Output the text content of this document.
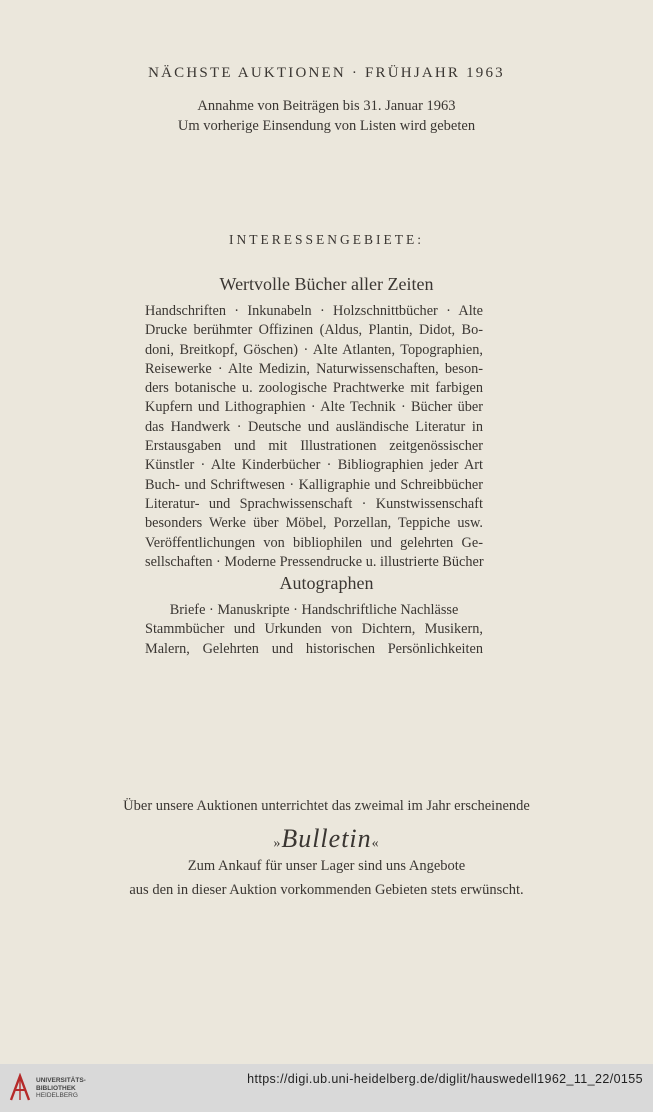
NÄCHSTE AUKTIONEN · FRÜHJAHR 1963
Annahme von Beiträgen bis 31. Januar 1963
Um vorherige Einsendung von Listen wird gebeten
INTERESSENGEBIETE:
Wertvolle Bücher aller Zeiten
Handschriften · Inkunabeln · Holzschnittbücher · Alte
Drucke berühmter Offizinen (Aldus, Plantin, Didot, Bo-
doni, Breitkopf, Göschen) · Alte Atlanten, Topographien,
Reisewerke · Alte Medizin, Naturwissenschaften, beson-
ders botanische u. zoologische Prachtwerke mit farbigen
Kupfern und Lithographien · Alte Technik · Bücher über
das Handwerk · Deutsche und ausländische Literatur in
Erstausgaben und mit Illustrationen zeitgenössischer
Künstler · Alte Kinderbücher · Bibliographien jeder Art
Buch- und Schriftwesen · Kalligraphie und Schreibbücher
Literatur- und Sprachwissenschaft · Kunstwissenschaft
besonders Werke über Möbel, Porzellan, Teppiche usw.
Veröffentlichungen von bibliophilen und gelehrten Ge-
sellschaften · Moderne Pressendrucke u. illustrierte Bücher
Autographen
Briefe · Manuskripte · Handschriftliche Nachlässe
Stammbücher und Urkunden von Dichtern, Musikern,
Malern, Gelehrten und historischen Persönlichkeiten
Über unsere Auktionen unterrichtet das zweimal im Jahr erscheinende
»Bulletin«
Zum Ankauf für unser Lager sind uns Angebote
aus den in dieser Auktion vorkommenden Gebieten stets erwünscht.
UNIVERSITÄTS-
BIBLIOTHEK
HEIDELBERG
https://digi.ub.uni-heidelberg.de/diglit/hauswedell1962_11_22/0155
